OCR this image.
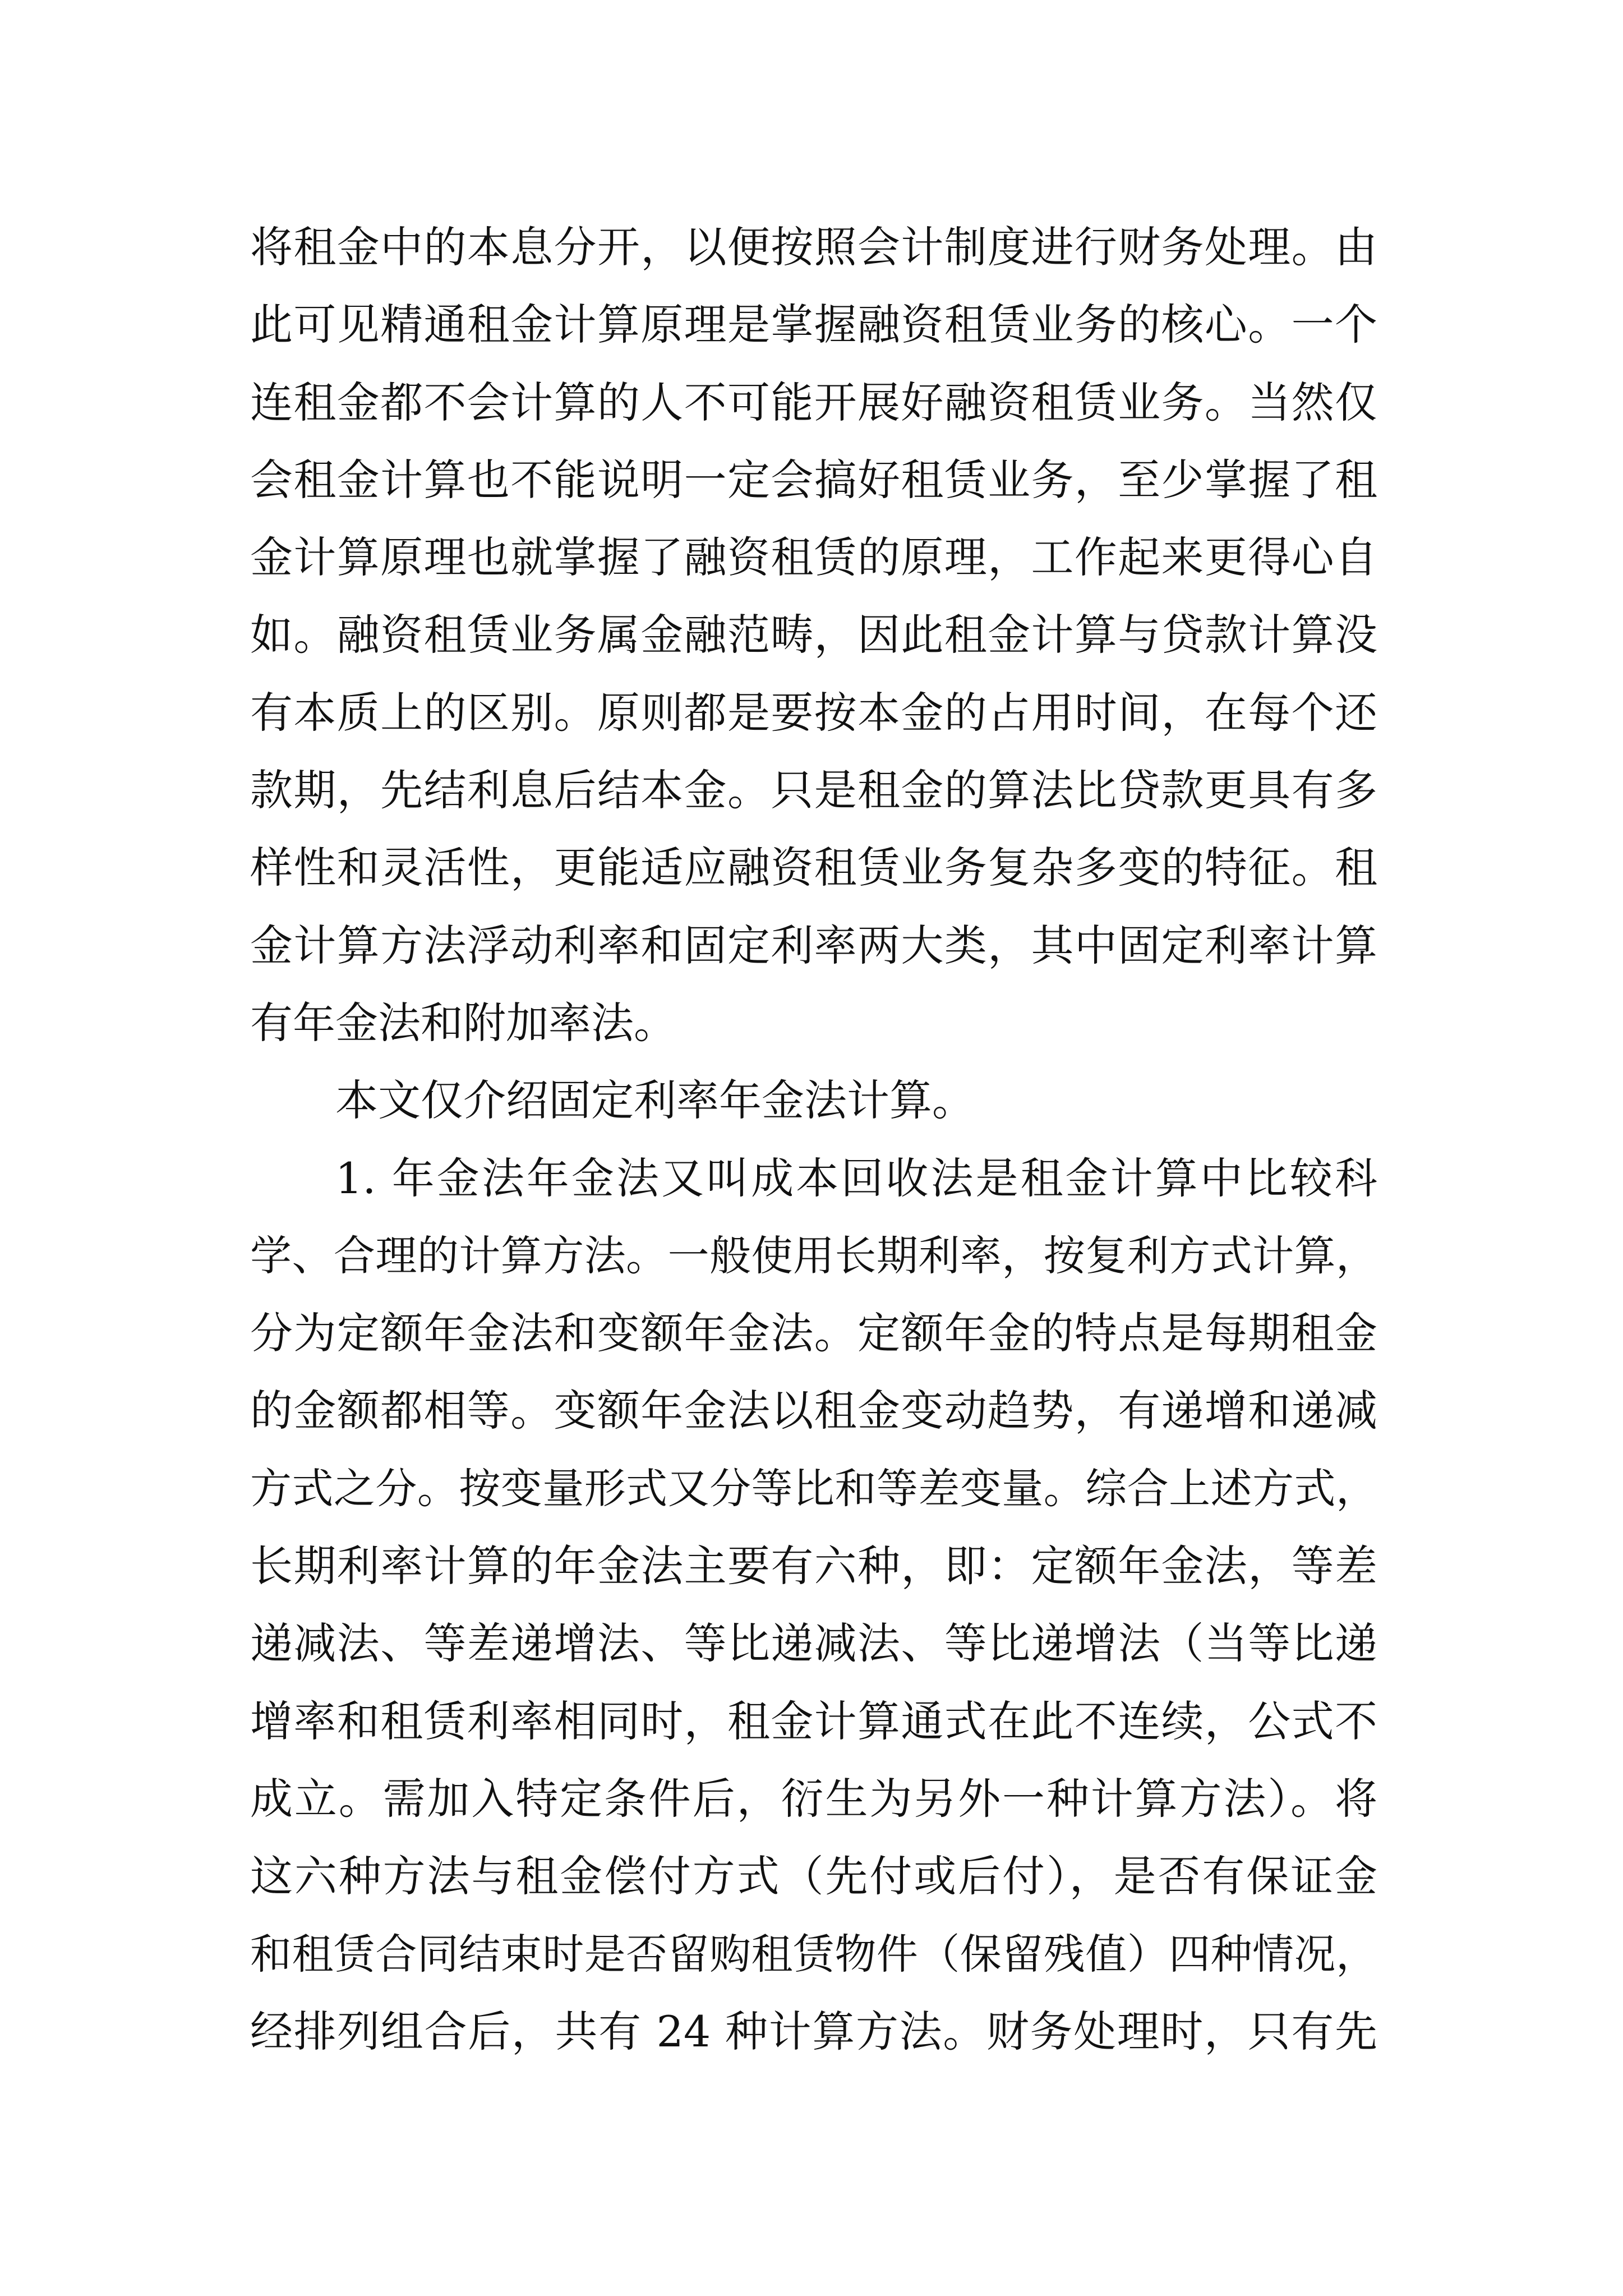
将租金中的本息分开，以便按照会计制度进行财务处理。由
此可见精通租金计算原理是掌握融资租赁业务的核心。一个
连租金都不会计算的人不可能开展好融资租赁业务。当然仅
会租金计算也不能说明一定会搞好租赁业务，至少掌握了租
金计算原理也就掌握了融资租赁的原理，工作起来更得心自
如。融资租赁业务属金融范畴，因此租金计算与贷款计算没
有本质上的区别。原则都是要按本金的占用时间，在每个还
款期，先结利息后结本金。只是租金的算法比贷款更具有多
样性和灵活性，更能适应融资租赁业务复杂多变的特征。租
金计算方法浮动利率和固定利率两大类，其中固定利率计算
有年金法和附加率法。
本文仅介绍固定利率年金法计算。
1. 年金法年金法又叫成本回收法是租金计算中比较科
学、合理的计算方法。一般使用长期利率，按复利方式计算，
分为定额年金法和变额年金法。定额年金的特点是每期租金
的金额都相等。变额年金法以租金变动趋势，有递增和递减
方式之分。按变量形式又分等比和等差变量。综合上述方式，
长期利率计算的年金法主要有六种，即：定额年金法，等差
递减法、等差递增法、等比递减法、等比递增法（当等比递
增率和租赁利率相同时，租金计算通式在此不连续，公式不
成立。需加入特定条件后，衍生为另外一种计算方法）。将
这六种方法与租金偿付方式（先付或后付），是否有保证金
和租赁合同结束时是否留购租赁物件（保留残值）四种情况，
经排列组合后，共有 24 种计算方法。财务处理时，只有先
